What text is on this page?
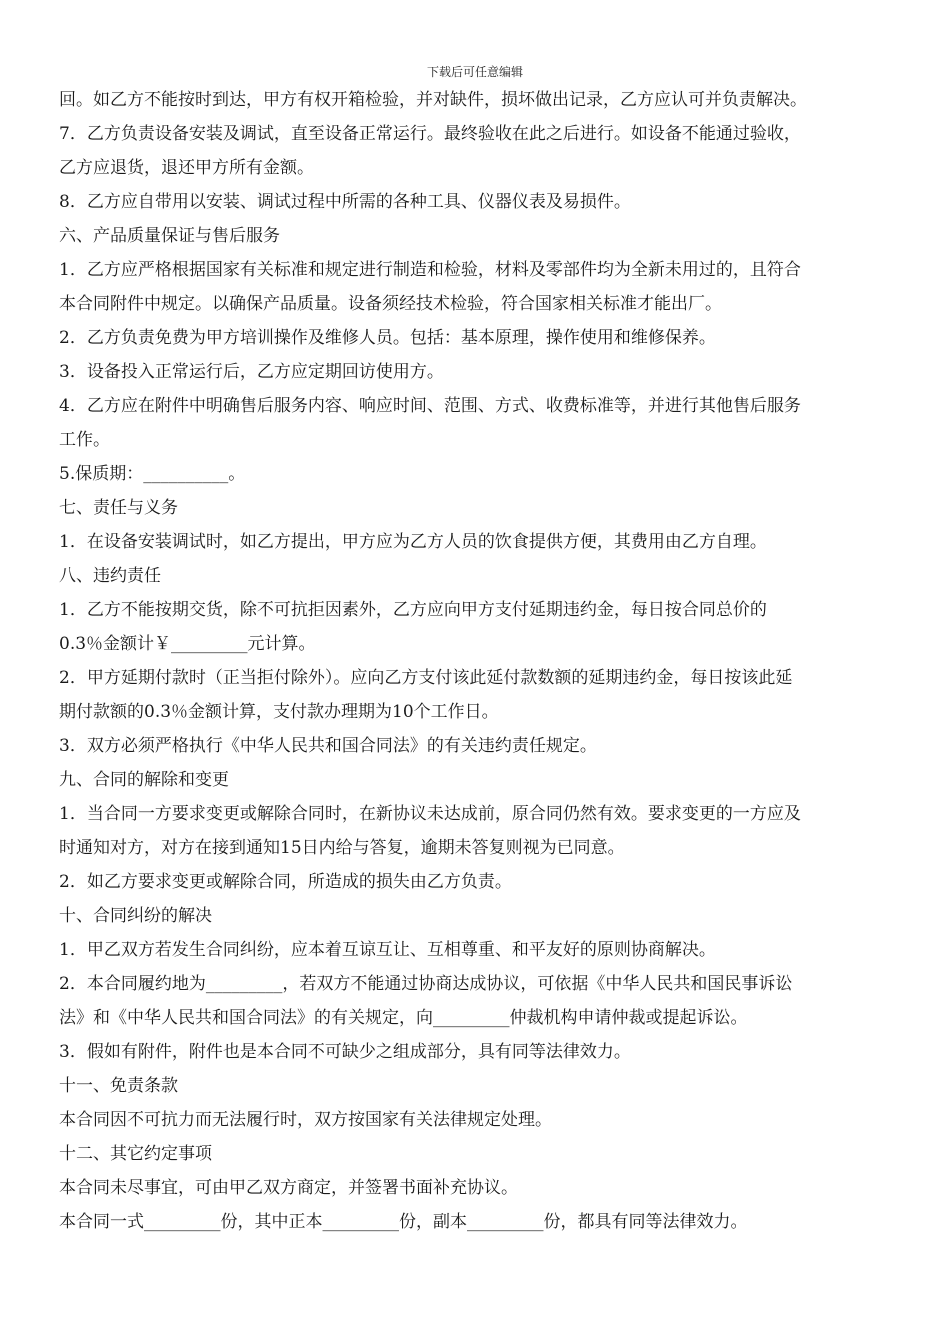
下载后可任意编辑
回。如乙方不能按时到达，甲方有权开箱检验，并对缺件，损坏做出记录，乙方应认可并负责解决。
7．乙方负责设备安装及调试，直至设备正常运行。最终验收在此之后进行。如设备不能通过验收，
乙方应退货，退还甲方所有金额。
8．乙方应自带用以安装、调试过程中所需的各种工具、仪器仪表及易损件。
六、产品质量保证与售后服务
1．乙方应严格根据国家有关标准和规定进行制造和检验，材料及零部件均为全新未用过的，且符合
本合同附件中规定。以确保产品质量。设备须经技术检验，符合国家相关标准才能出厂。
2．乙方负责免费为甲方培训操作及维修人员。包括：基本原理，操作使用和维修保养。
3．设备投入正常运行后，乙方应定期回访使用方。
4．乙方应在附件中明确售后服务内容、响应时间、范围、方式、收费标准等，并进行其他售后服务
工作。
5.保质期：__________。
七、责任与义务
1．在设备安装调试时，如乙方提出，甲方应为乙方人员的饮食提供方便，其费用由乙方自理。
八、违约责任
1．乙方不能按期交货，除不可抗拒因素外，乙方应向甲方支付延期违约金，每日按合同总价的
0.3％金额计￥_________元计算。
2．甲方延期付款时（正当拒付除外）。应向乙方支付该此延付款数额的延期违约金，每日按该此延
期付款额的0.3％金额计算，支付款办理期为10个工作日。
3．双方必须严格执行《中华人民共和国合同法》的有关违约责任规定。
九、合同的解除和变更
1．当合同一方要求变更或解除合同时，在新协议未达成前，原合同仍然有效。要求变更的一方应及
时通知对方，对方在接到通知15日内给与答复，逾期未答复则视为已同意。
2．如乙方要求变更或解除合同，所造成的损失由乙方负责。
十、合同纠纷的解决
1．甲乙双方若发生合同纠纷，应本着互谅互让、互相尊重、和平友好的原则协商解决。
2．本合同履约地为_________，若双方不能通过协商达成协议，可依据《中华人民共和国民事诉讼
法》和《中华人民共和国合同法》的有关规定，向_________仲裁机构申请仲裁或提起诉讼。
3．假如有附件，附件也是本合同不可缺少之组成部分，具有同等法律效力。
十一、免责条款
本合同因不可抗力而无法履行时，双方按国家有关法律规定处理。
十二、其它约定事项
本合同未尽事宜，可由甲乙双方商定，并签署书面补充协议。
本合同一式_________份，其中正本_________份，副本_________份，都具有同等法律效力。
